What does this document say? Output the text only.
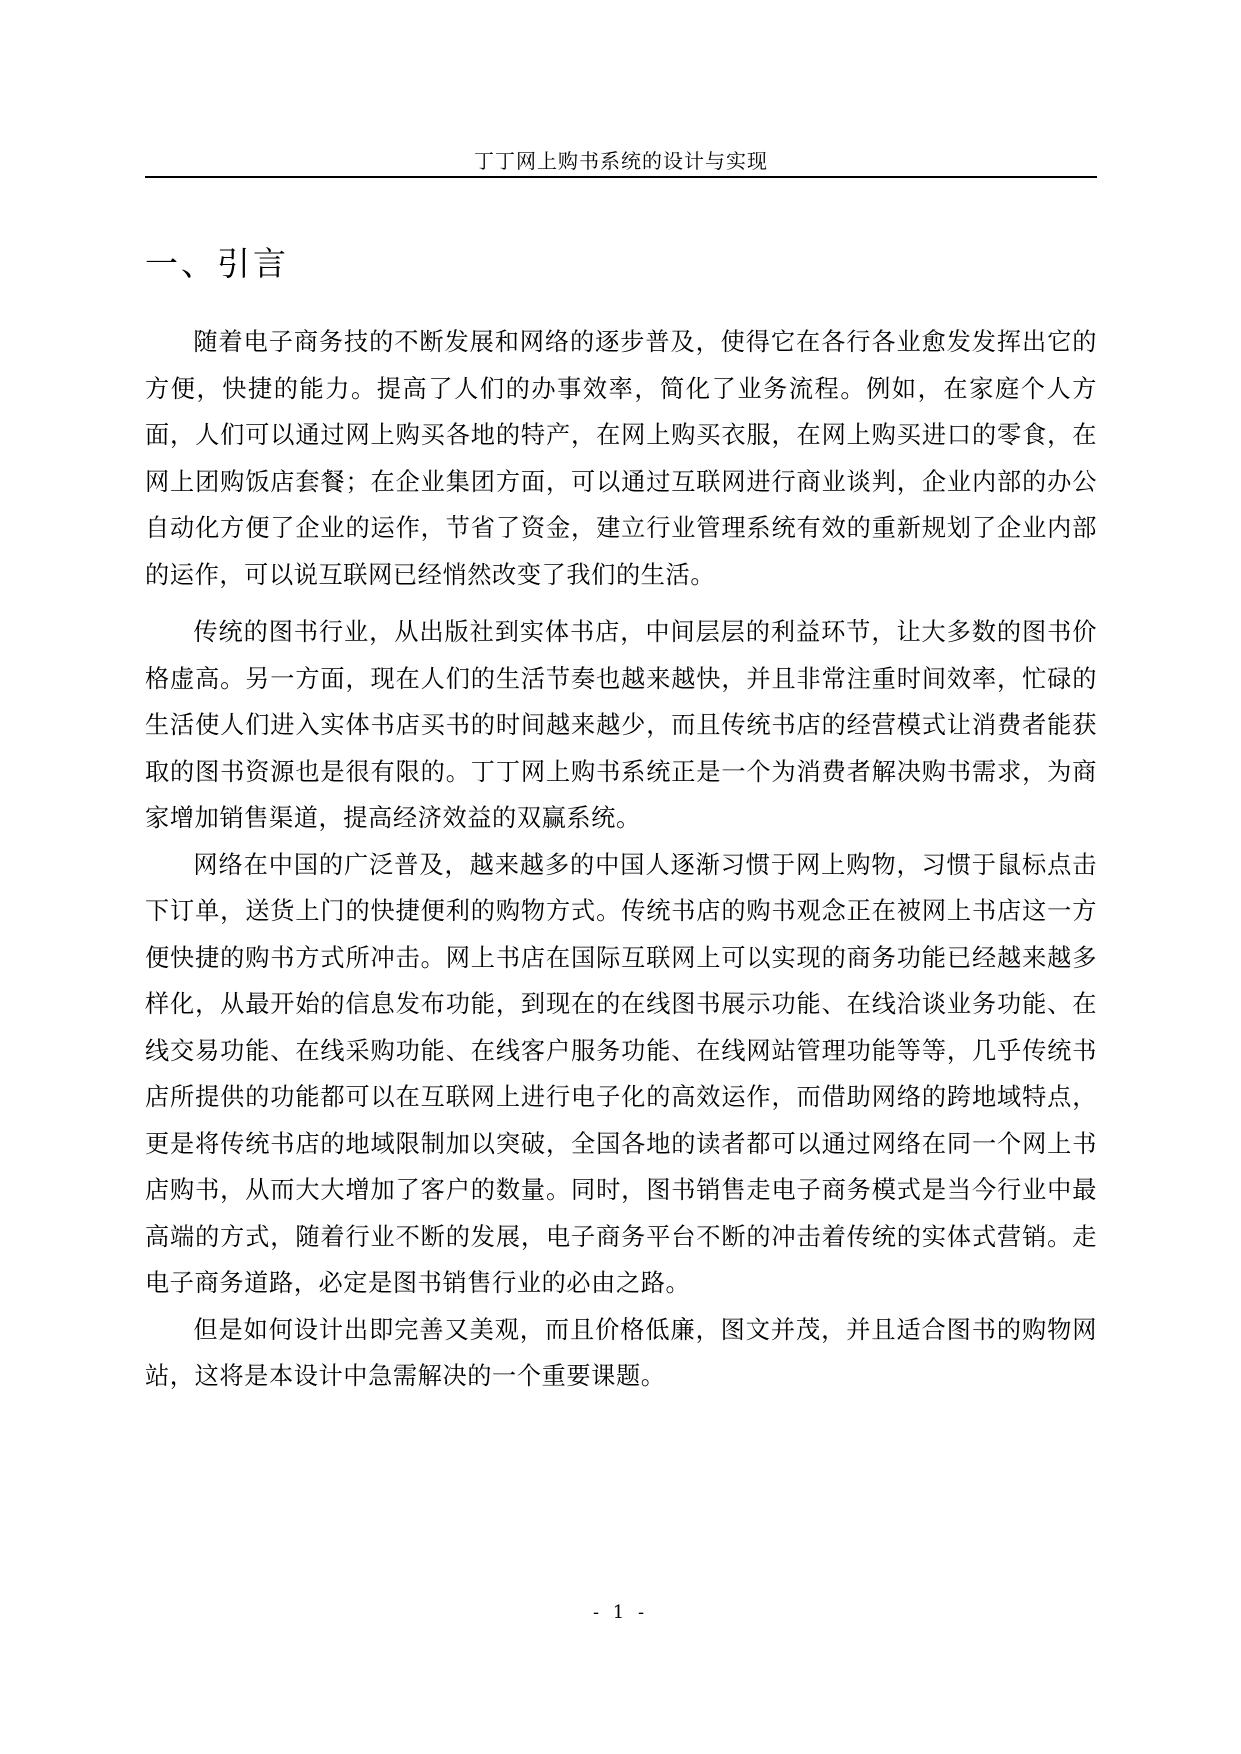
丁丁网上购书系统的设计与实现
一、引言

随着电子商务技的不断发展和网络的逐步普及，使得它在各行各业愈发发挥出它的方便，快捷的能力。提高了人们的办事效率，简化了业务流程。例如，在家庭个人方面，人们可以通过网上购买各地的特产，在网上购买衣服，在网上购买进口的零食，在网上团购饭店套餐；在企业集团方面，可以通过互联网进行商业谈判，企业内部的办公自动化方便了企业的运作，节省了资金，建立行业管理系统有效的重新规划了企业内部的运作，可以说互联网已经悄然改变了我们的生活。

传统的图书行业，从出版社到实体书店，中间层层的利益环节，让大多数的图书价格虚高。另一方面，现在人们的生活节奏也越来越快，并且非常注重时间效率，忙碌的生活使人们进入实体书店买书的时间越来越少，而且传统书店的经营模式让消费者能获取的图书资源也是很有限的。丁丁网上购书系统正是一个为消费者解决购书需求，为商家增加销售渠道，提高经济效益的双赢系统。

网络在中国的广泛普及，越来越多的中国人逐渐习惯于网上购物，习惯于鼠标点击下订单，送货上门的快捷便利的购物方式。传统书店的购书观念正在被网上书店这一方便快捷的购书方式所冲击。网上书店在国际互联网上可以实现的商务功能已经越来越多样化，从最开始的信息发布功能，到现在的在线图书展示功能、在线洽谈业务功能、在线交易功能、在线采购功能、在线客户服务功能、在线网站管理功能等等，几乎传统书店所提供的功能都可以在互联网上进行电子化的高效运作，而借助网络的跨地域特点，更是将传统书店的地域限制加以突破，全国各地的读者都可以通过网络在同一个网上书店购书，从而大大增加了客户的数量。同时，图书销售走电子商务模式是当今行业中最高端的方式，随着行业不断的发展，电子商务平台不断的冲击着传统的实体式营销。走电子商务道路，必定是图书销售行业的必由之路。

但是如何设计出即完善又美观，而且价格低廉，图文并茂，并且适合图书的购物网站，这将是本设计中急需解决的一个重要课题。

- 1 -
